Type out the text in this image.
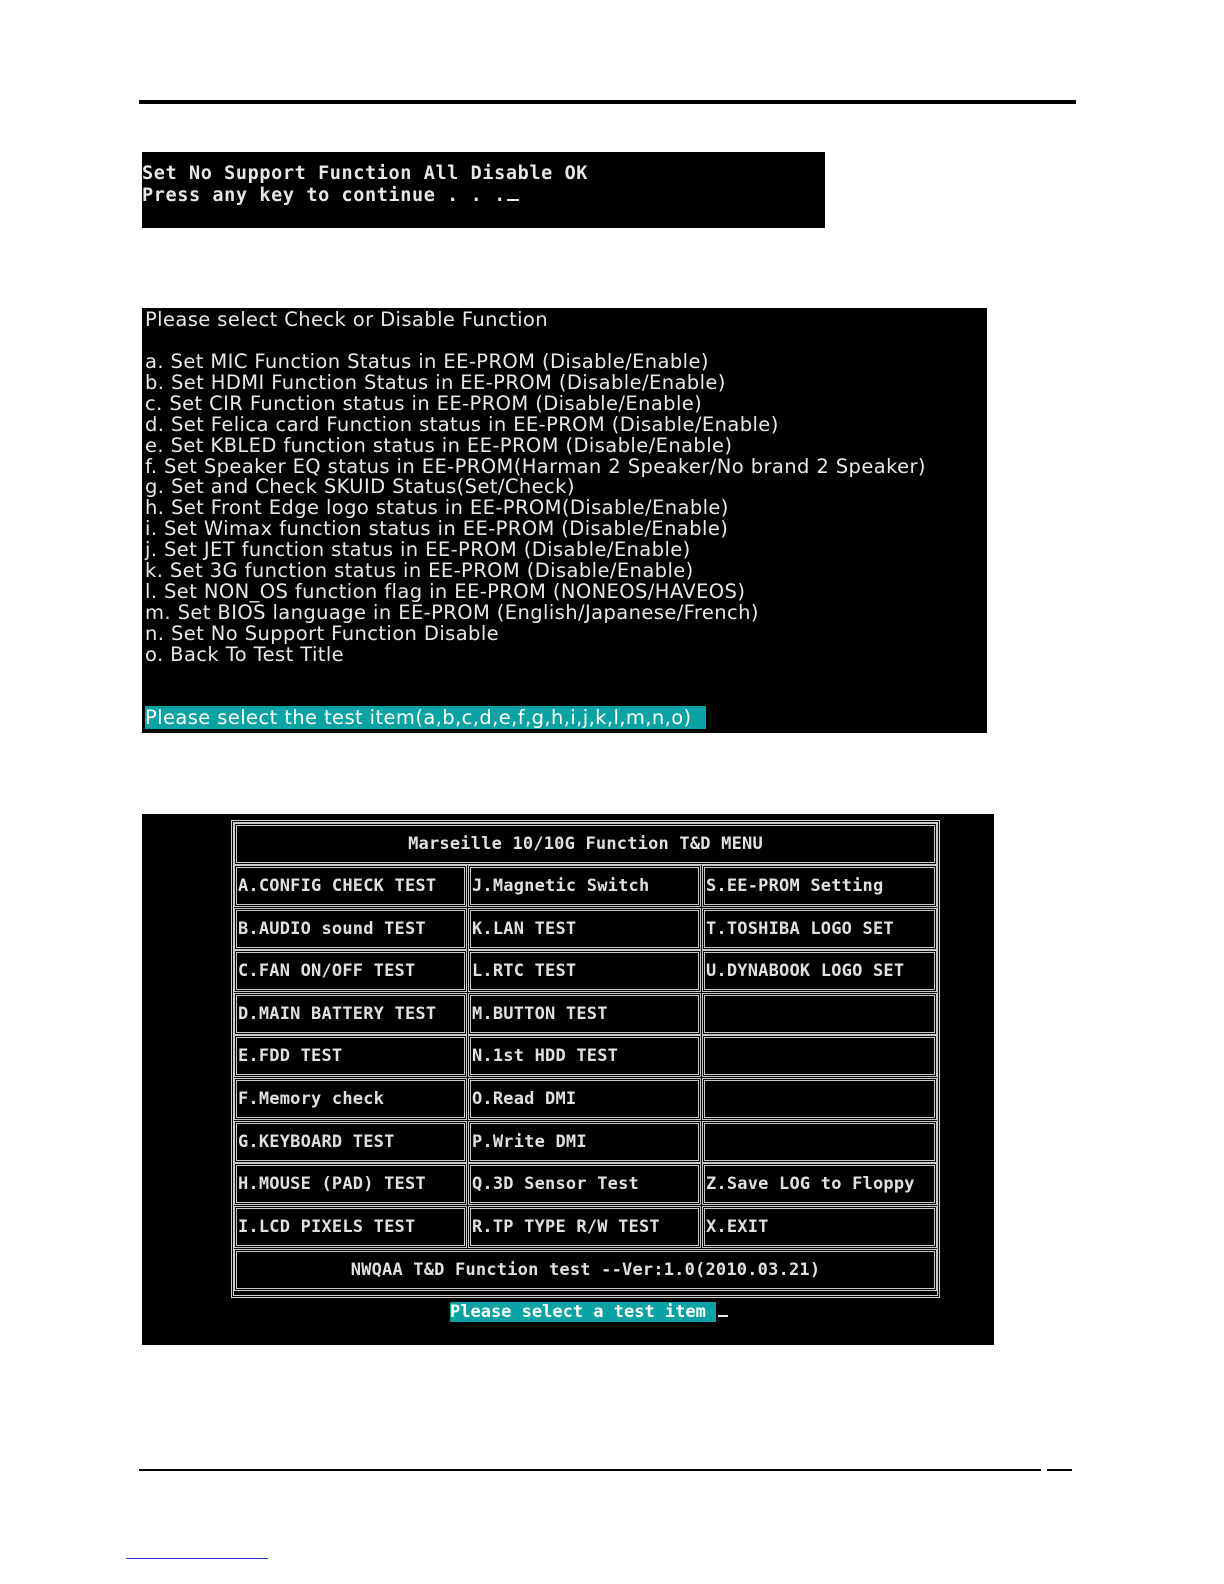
Set No Support Function All Disable OK
Press any key to continue . . .
Please select Check or Disable Function
a. Set MIC Function Status in EE-PROM (Disable/Enable)
b. Set HDMI Function Status in EE-PROM (Disable/Enable)
c. Set CIR Function status in EE-PROM (Disable/Enable)
d. Set Felica card Function status in EE-PROM (Disable/Enable)
e. Set KBLED function status in EE-PROM (Disable/Enable)
f. Set Speaker EQ status in EE-PROM(Harman 2 Speaker/No brand 2 Speaker)
g. Set and Check SKUID Status(Set/Check)
h. Set Front Edge logo status in EE-PROM(Disable/Enable)
i. Set Wimax function status in EE-PROM (Disable/Enable)
j. Set JET function status in EE-PROM (Disable/Enable)
k. Set 3G function status in EE-PROM (Disable/Enable)
l. Set NON_OS function flag in EE-PROM (NONEOS/HAVEOS)
m. Set BIOS language in EE-PROM (English/Japanese/French)
n. Set No Support Function Disable
o. Back To Test Title
Please select the test item(a,b,c,d,e,f,g,h,i,j,k,l,m,n,o)
Marseille 10/10G Function T&D MENU
A.CONFIG CHECK TEST	J.Magnetic Switch	S.EE-PROM Setting
B.AUDIO sound TEST	K.LAN TEST	T.TOSHIBA LOGO SET
C.FAN ON/OFF TEST	L.RTC TEST	U.DYNABOOK LOGO SET
D.MAIN BATTERY TEST	M.BUTTON TEST
E.FDD TEST	N.1st HDD TEST
F.Memory check	O.Read DMI
G.KEYBOARD TEST	P.Write DMI
H.MOUSE (PAD) TEST	Q.3D Sensor Test	Z.Save LOG to Floppy
I.LCD PIXELS TEST	R.TP TYPE R/W TEST	X.EXIT
NWQAA T&D Function test --Ver:1.0(2010.03.21)
Please select a test item
